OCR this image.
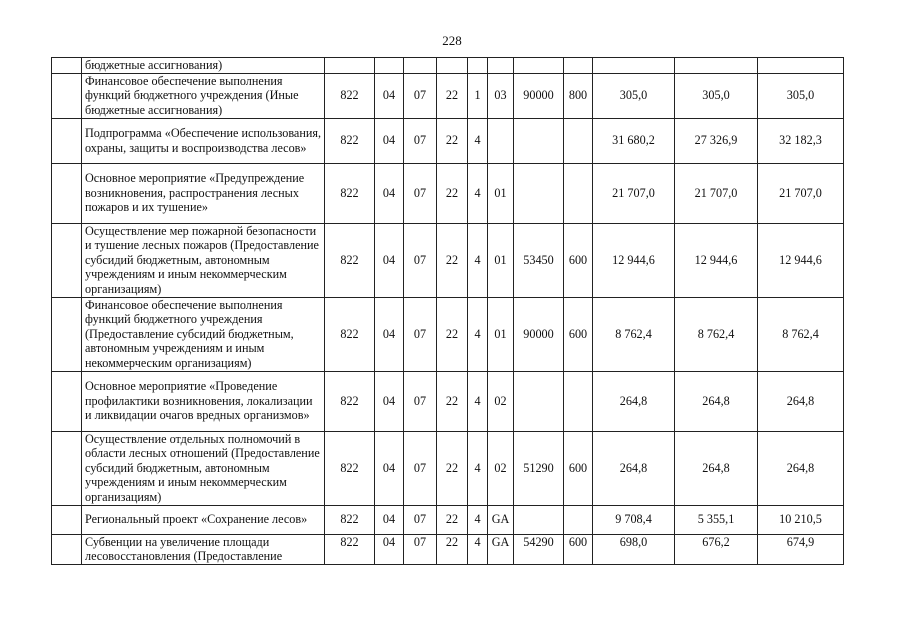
228
	бюджетные ассигнования)											
	Финансовое обеспечение выполнения функций бюджетного учреждения (Иные бюджетные ассигнования)	822	04	07	22	1	03	90000	800	305,0	305,0	305,0
	Подпрограмма «Обеспечение использования, охраны, защиты и воспроизводства лесов»	822	04	07	22	4				31 680,2	27 326,9	32 182,3
	Основное мероприятие «Предупреждение возникновения, распространения лесных пожаров и их тушение»	822	04	07	22	4	01			21 707,0	21 707,0	21 707,0
	Осуществление мер пожарной безопасности и тушение лесных пожаров (Предоставление субсидий бюджетным, автономным учреждениям и иным некоммерческим организациям)	822	04	07	22	4	01	53450	600	12 944,6	12 944,6	12 944,6
	Финансовое обеспечение выполнения функций бюджетного учреждения (Предоставление субсидий бюджетным, автономным учреждениям и иным некоммерческим организациям)	822	04	07	22	4	01	90000	600	8 762,4	8 762,4	8 762,4
	Основное мероприятие «Проведение профилактики возникновения, локализации и ликвидации очагов вредных организмов»	822	04	07	22	4	02			264,8	264,8	264,8
	Осуществление отдельных полномочий в области лесных отношений (Предоставление субсидий бюджетным, автономным учреждениям и иным некоммерческим организациям)	822	04	07	22	4	02	51290	600	264,8	264,8	264,8
	Региональный проект «Сохранение лесов»	822	04	07	22	4	GA			9 708,4	5 355,1	10 210,5
	Субвенции на увеличение площади лесовосстановления (Предоставление	822	04	07	22	4	GA	54290	600	698,0	676,2	674,9
